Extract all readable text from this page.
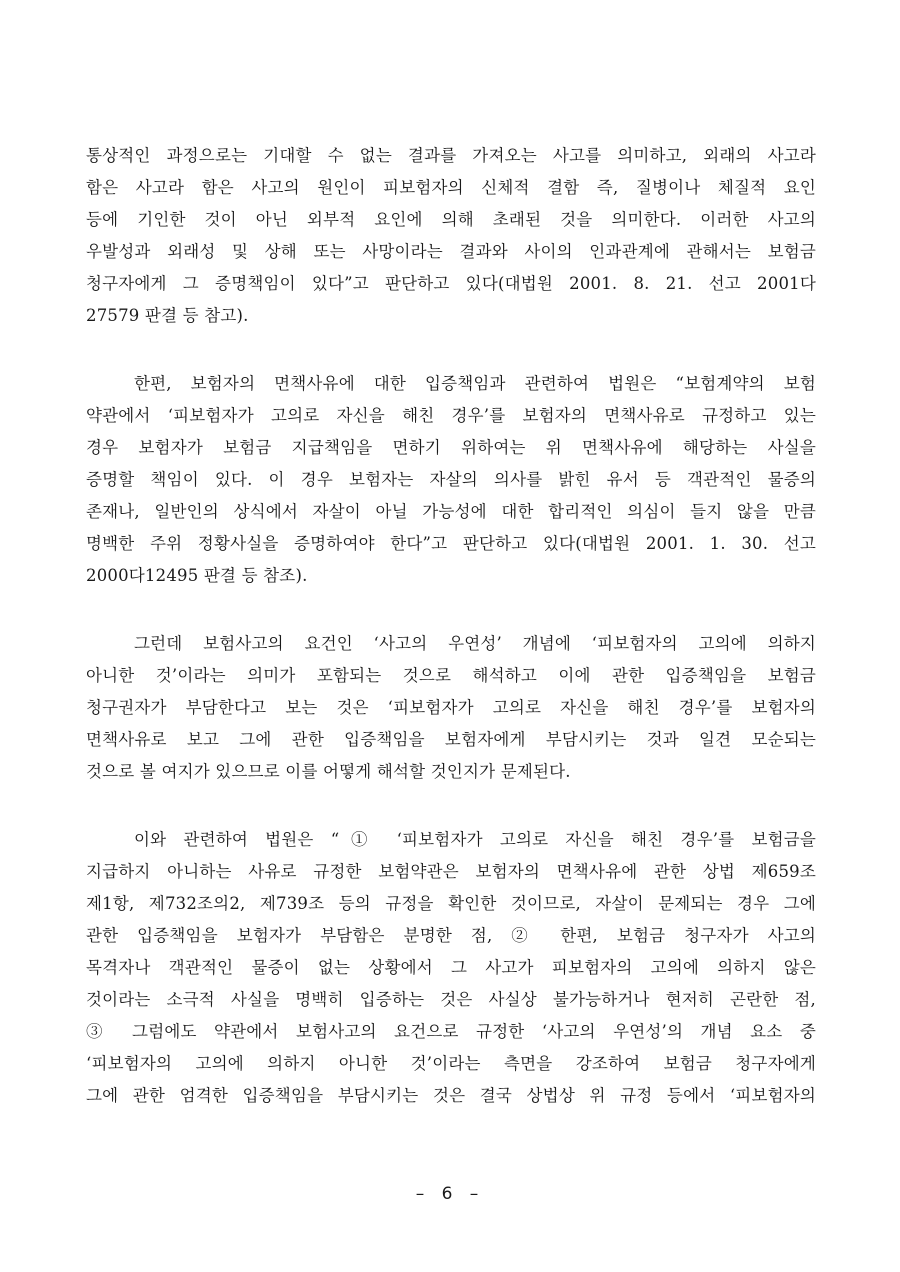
통상적인 과정으로는 기대할 수 없는 결과를 가져오는 사고를 의미하고, 외래의 사고라
함은 사고라 함은 사고의 원인이 피보험자의 신체적 결함 즉, 질병이나 체질적 요인
등에 기인한 것이 아닌 외부적 요인에 의해 초래된 것을 의미한다. 이러한 사고의
우발성과 외래성 및 상해 또는 사망이라는 결과와 사이의 인과관계에 관해서는 보험금
청구자에게 그 증명책임이 있다”고 판단하고 있다(대법원 2001. 8. 21. 선고 2001다
27579 판결 등 참고).
한편, 보험자의 면책사유에 대한 입증책임과 관련하여 법원은 “보험계약의 보험
약관에서 ‘피보험자가 고의로 자신을 해친 경우’를 보험자의 면책사유로 규정하고 있는
경우 보험자가 보험금 지급책임을 면하기 위하여는 위 면책사유에 해당하는 사실을
증명할 책임이 있다. 이 경우 보험자는 자살의 의사를 밝힌 유서 등 객관적인 물증의
존재나, 일반인의 상식에서 자살이 아닐 가능성에 대한 합리적인 의심이 들지 않을 만큼
명백한 주위 정황사실을 증명하여야 한다”고 판단하고 있다(대법원 2001. 1. 30. 선고
2000다12495 판결 등 참조).
그런데 보험사고의 요건인 ‘사고의 우연성’ 개념에 ‘피보험자의 고의에 의하지
아니한 것’이라는 의미가 포함되는 것으로 해석하고 이에 관한 입증책임을 보험금
청구권자가 부담한다고 보는 것은 ‘피보험자가 고의로 자신을 해친 경우’를 보험자의
면책사유로 보고 그에 관한 입증책임을 보험자에게 부담시키는 것과 일견 모순되는
것으로 볼 여지가 있으므로 이를 어떻게 해석할 것인지가 문제된다.
이와 관련하여 법원은 “① ‘피보험자가 고의로 자신을 해친 경우’를 보험금을
지급하지 아니하는 사유로 규정한 보험약관은 보험자의 면책사유에 관한 상법 제659조
제1항, 제732조의2, 제739조 등의 규정을 확인한 것이므로, 자살이 문제되는 경우 그에
관한 입증책임을 보험자가 부담함은 분명한 점, ② 한편, 보험금 청구자가 사고의
목격자나 객관적인 물증이 없는 상황에서 그 사고가 피보험자의 고의에 의하지 않은
것이라는 소극적 사실을 명백히 입증하는 것은 사실상 불가능하거나 현저히 곤란한 점,
③ 그럼에도 약관에서 보험사고의 요건으로 규정한 ‘사고의 우연성’의 개념 요소 중
‘피보험자의 고의에 의하지 아니한 것’이라는 측면을 강조하여 보험금 청구자에게
그에 관한 엄격한 입증책임을 부담시키는 것은 결국 상법상 위 규정 등에서 ‘피보험자의
– 6 –
